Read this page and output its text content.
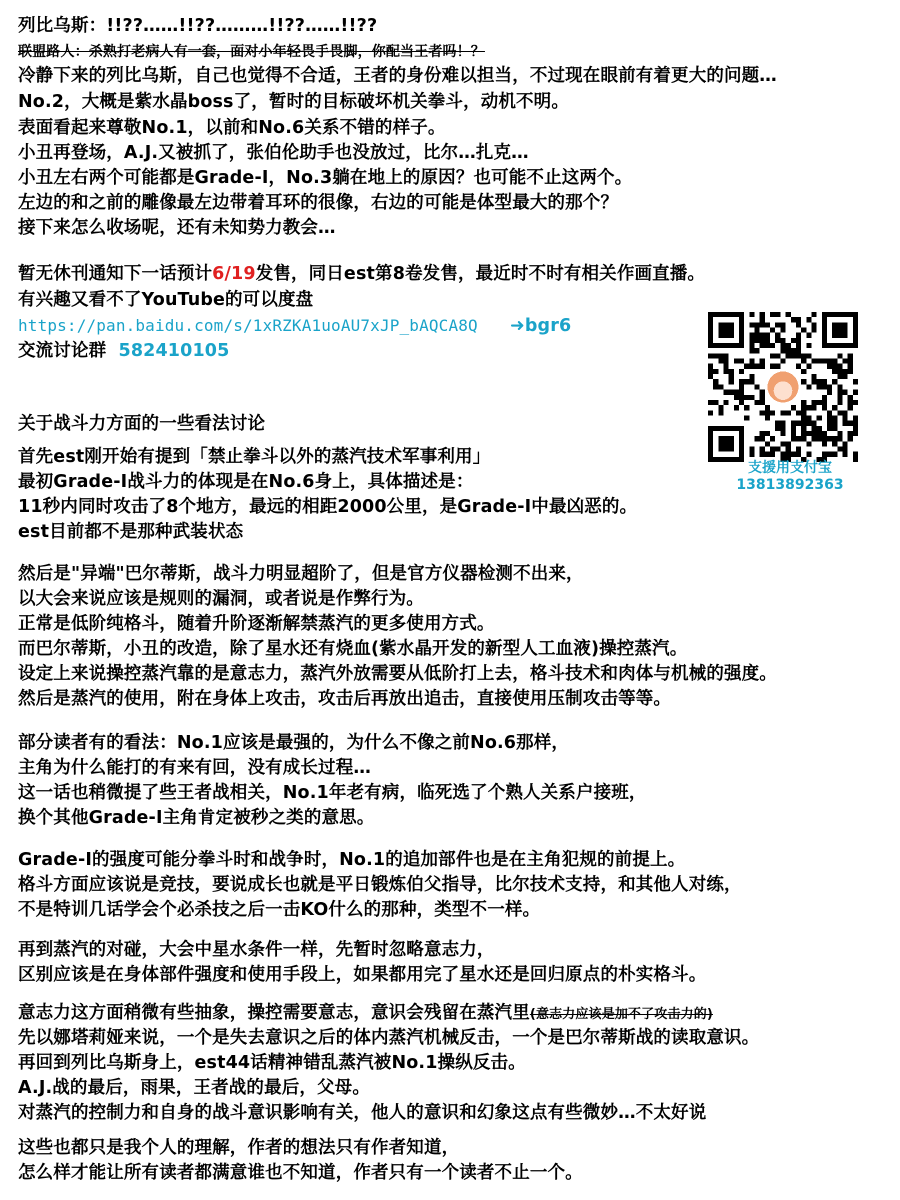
列比乌斯：!!??……!!??………!!??……!!??
联盟路人：杀熟打老病人有一套，面对小年轻畏手畏脚，你配当王者吗！？
冷静下来的列比乌斯，自己也觉得不合适，王者的身份难以担当，不过现在眼前有着更大的问题…
No.2，大概是紫水晶boss了，暂时的目标破坏机关拳斗，动机不明。
表面看起来尊敬No.1，以前和No.6关系不错的样子。
小丑再登场，A.J.又被抓了，张伯伦助手也没放过，比尔…扎克…
小丑左右两个可能都是Grade-Ⅰ，No.3躺在地上的原因？也可能不止这两个。
左边的和之前的雕像最左边带着耳环的很像，右边的可能是体型最大的那个？
接下来怎么收场呢，还有未知势力教会…
暂无休刊通知下一话预计6/19发售，同日est第8卷发售，最近时不时有相关作画直播。
有兴趣又看不了YouTube的可以度盘
https://pan.baidu.com/s/1xRZKA1uoAU7xJP_bAQCA8Q ➜bgr6
交流讨论群 582410105
支援用支付宝
13813892363
关于战斗力方面的一些看法讨论
首先est刚开始有提到「禁止拳斗以外的蒸汽技术军事利用」
最初Grade-Ⅰ战斗力的体现是在No.6身上，具体描述是：
11秒内同时攻击了8个地方，最远的相距2000公里，是Grade-Ⅰ中最凶恶的。
est目前都不是那种武装状态
然后是"异端"巴尔蒂斯，战斗力明显超阶了，但是官方仪器检测不出来，
以大会来说应该是规则的漏洞，或者说是作弊行为。
正常是低阶纯格斗，随着升阶逐渐解禁蒸汽的更多使用方式。
而巴尔蒂斯，小丑的改造，除了星水还有烧血(紫水晶开发的新型人工血液)操控蒸汽。
设定上来说操控蒸汽靠的是意志力，蒸汽外放需要从低阶打上去，格斗技术和肉体与机械的强度。
然后是蒸汽的使用，附在身体上攻击，攻击后再放出追击，直接使用压制攻击等等。
部分读者有的看法：No.1应该是最强的，为什么不像之前No.6那样，
主角为什么能打的有来有回，没有成长过程…
这一话也稍微提了些王者战相关，No.1年老有病，临死选了个熟人关系户接班，
换个其他Grade-Ⅰ主角肯定被秒之类的意思。
Grade-Ⅰ的强度可能分拳斗时和战争时，No.1的追加部件也是在主角犯规的前提上。
格斗方面应该说是竞技，要说成长也就是平日锻炼伯父指导，比尔技术支持，和其他人对练，
不是特训几话学会个必杀技之后一击KO什么的那种，类型不一样。
再到蒸汽的对碰，大会中星水条件一样，先暂时忽略意志力，
区别应该是在身体部件强度和使用手段上，如果都用完了星水还是回归原点的朴实格斗。
意志力这方面稍微有些抽象，操控需要意志，意识会残留在蒸汽里(意志力应该是加不了攻击力的)
先以娜塔莉娅来说，一个是失去意识之后的体内蒸汽机械反击，一个是巴尔蒂斯战的读取意识。
再回到列比乌斯身上，est44话精神错乱蒸汽被No.1操纵反击。
A.J.战的最后，雨果，王者战的最后，父母。
对蒸汽的控制力和自身的战斗意识影响有关，他人的意识和幻象这点有些微妙…不太好说
这些也都只是我个人的理解，作者的想法只有作者知道，
怎么样才能让所有读者都满意谁也不知道，作者只有一个读者不止一个。
